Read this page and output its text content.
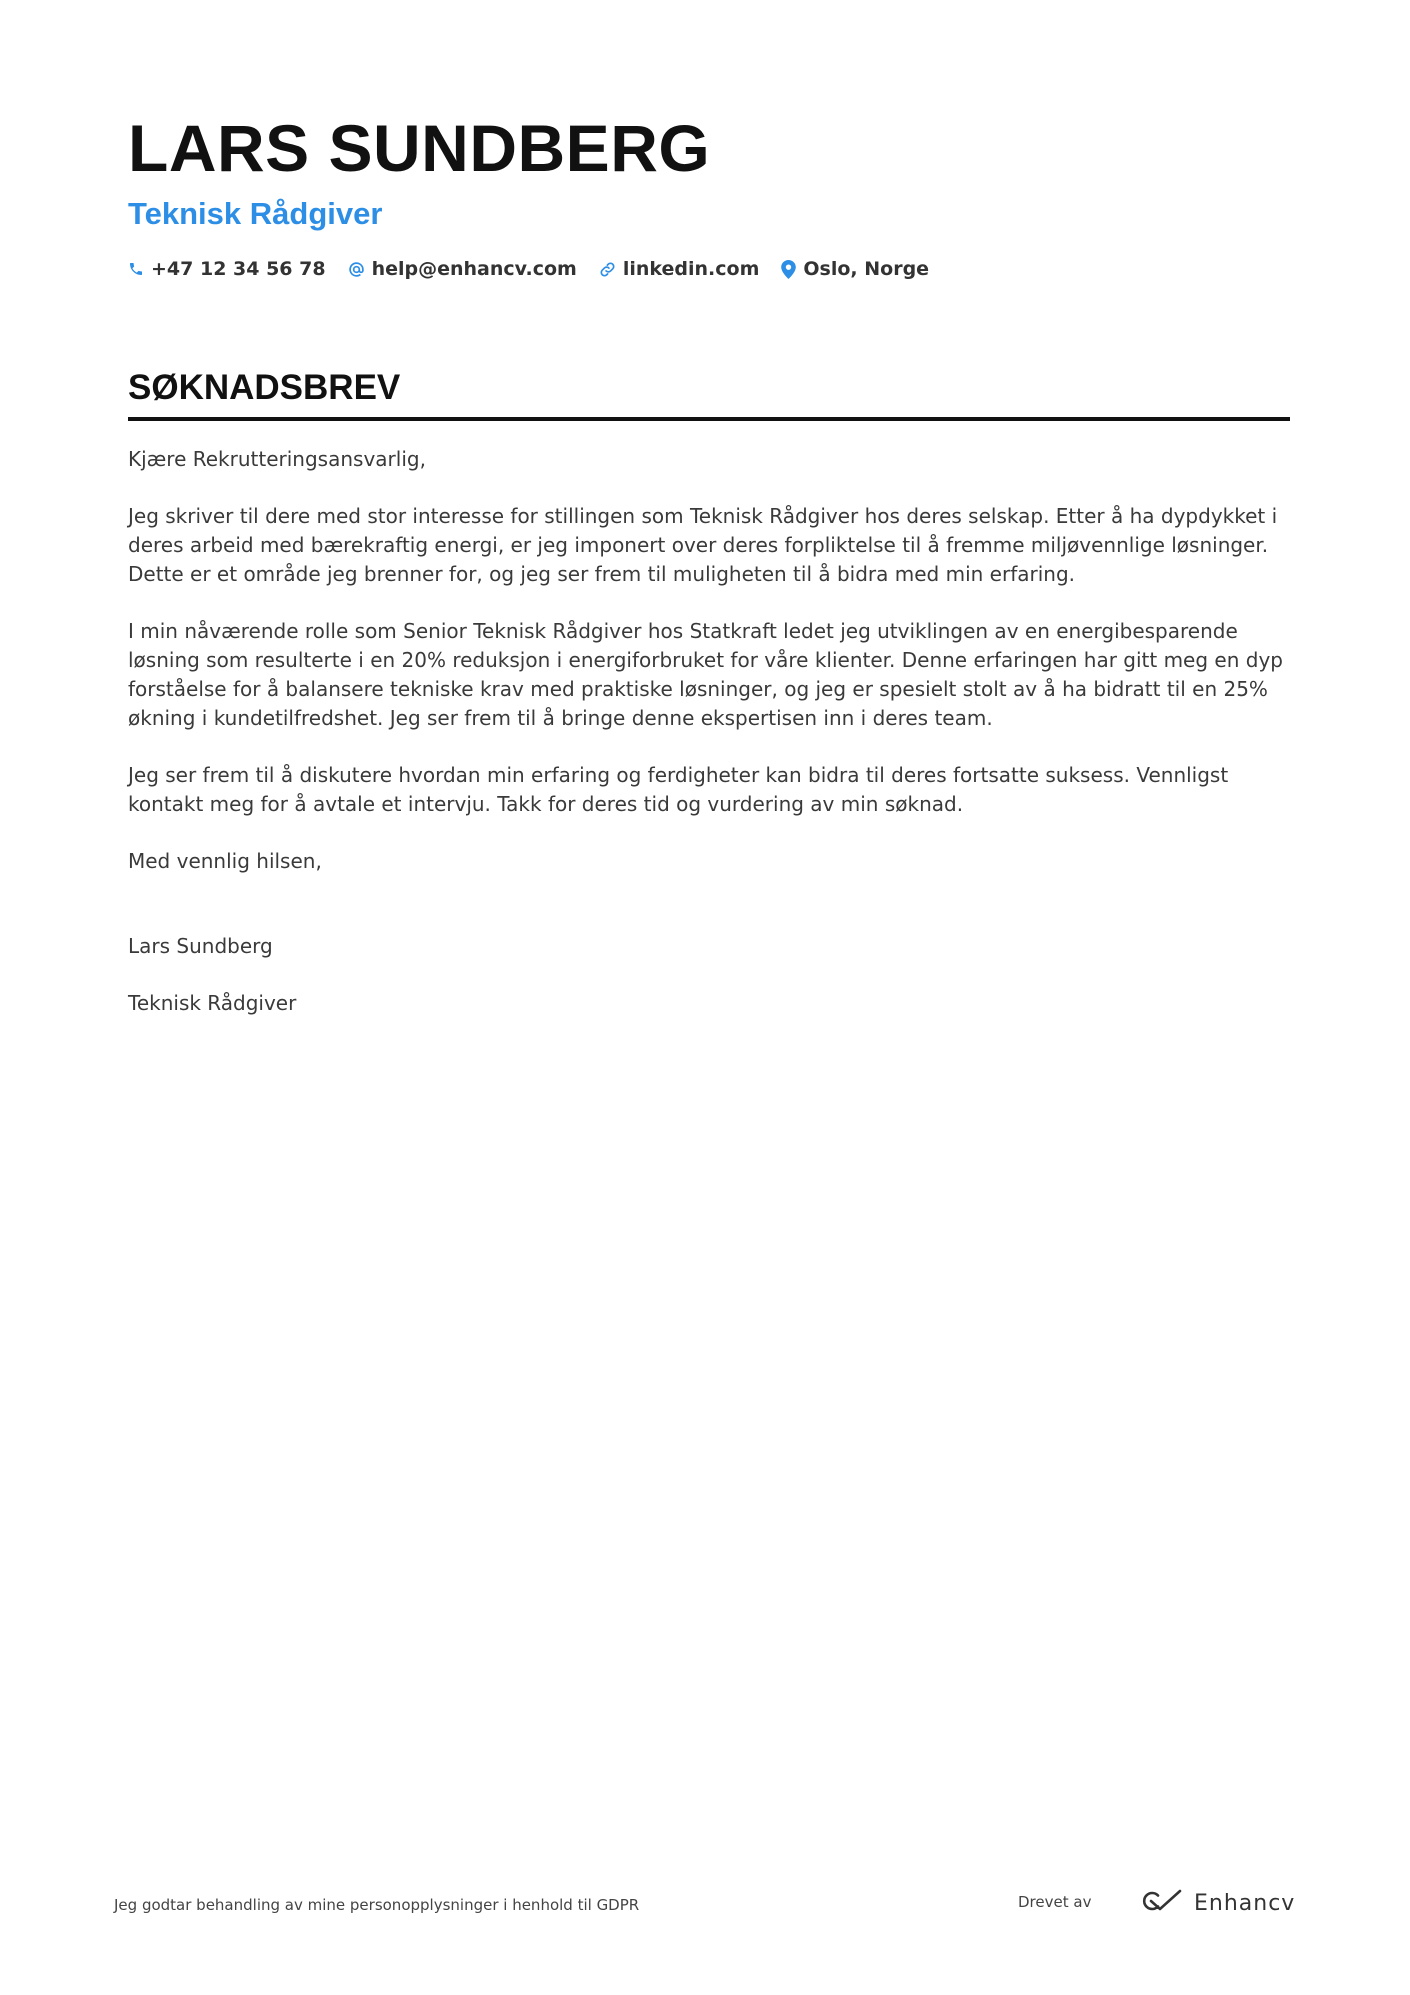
LARS SUNDBERG
Teknisk Rådgiver
+47 12 34 56 78 help@enhancv.com linkedin.com Oslo, Norge
SØKNADSBREV

Kjære Rekrutteringsansvarlig,

Jeg skriver til dere med stor interesse for stillingen som Teknisk Rådgiver hos deres selskap. Etter å ha dypdykket i deres arbeid med bærekraftig energi, er jeg imponert over deres forpliktelse til å fremme miljøvennlige løsninger. Dette er et område jeg brenner for, og jeg ser frem til muligheten til å bidra med min erfaring.

I min nåværende rolle som Senior Teknisk Rådgiver hos Statkraft ledet jeg utviklingen av en energibesparende løsning som resulterte i en 20% reduksjon i energiforbruket for våre klienter. Denne erfaringen har gitt meg en dyp forståelse for å balansere tekniske krav med praktiske løsninger, og jeg er spesielt stolt av å ha bidratt til en 25% økning i kundetilfredshet. Jeg ser frem til å bringe denne ekspertisen inn i deres team.

Jeg ser frem til å diskutere hvordan min erfaring og ferdigheter kan bidra til deres fortsatte suksess. Vennligst kontakt meg for å avtale et intervju. Takk for deres tid og vurdering av min søknad.

Med vennlig hilsen,

Lars Sundberg

Teknisk Rådgiver

Jeg godtar behandling av mine personopplysninger i henhold til GDPR	Drevet av	Enhancv
